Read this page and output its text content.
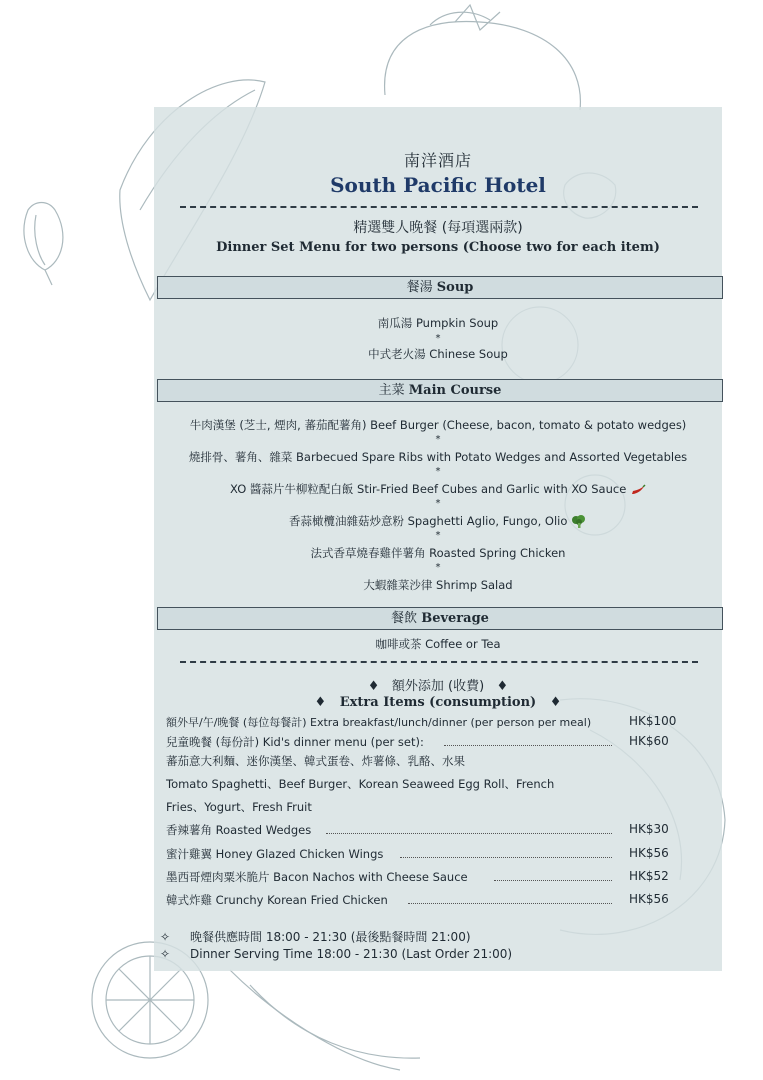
南洋酒店
South Pacific Hotel
精選雙人晚餐 (每項選兩款)
Dinner Set Menu for two persons (Choose two for each item)
餐湯 Soup
南瓜湯 Pumpkin Soup
*
中式老火湯 Chinese Soup
主菜 Main Course
牛肉漢堡 (芝士, 煙肉, 蕃茄配薯角) Beef Burger (Cheese, bacon, tomato & potato wedges)
*
燒排骨、薯角、雜菜 Barbecued Spare Ribs with Potato Wedges and Assorted Vegetables
*
XO 醬蒜片牛柳粒配白飯 Stir-Fried Beef Cubes and Garlic with XO Sauce
*
香蒜橄欖油雜菇炒意粉 Spaghetti Aglio, Fungo, Olio
*
法式香草燒春雞伴薯角 Roasted Spring Chicken
*
大蝦雜菜沙律 Shrimp Salad
餐飲 Beverage
咖啡或茶 Coffee or Tea
♦ 額外添加 (收費) ♦
♦ Extra Items (consumption) ♦
額外早/午/晚餐 (每位每餐計) Extra breakfast/lunch/dinner (per person per meal)	HK$100
兒童晚餐 (每份計) Kid's dinner menu (per set):	HK$60
蕃茄意大利麵、迷你漢堡、韓式蛋卷、炸薯條、乳酪、水果
Tomato Spaghetti、Beef Burger、Korean Seaweed Egg Roll、French
Fries、Yogurt、Fresh Fruit
香辣薯角 Roasted Wedges	HK$30
蜜汁雞翼 Honey Glazed Chicken Wings	HK$56
墨西哥煙肉粟米脆片 Bacon Nachos with Cheese Sauce	HK$52
韓式炸雞 Crunchy Korean Fried Chicken	HK$56
✧ 晚餐供應時間 18:00 - 21:30 (最後點餐時間 21:00)
✧ Dinner Serving Time 18:00 - 21:30 (Last Order 21:00)
